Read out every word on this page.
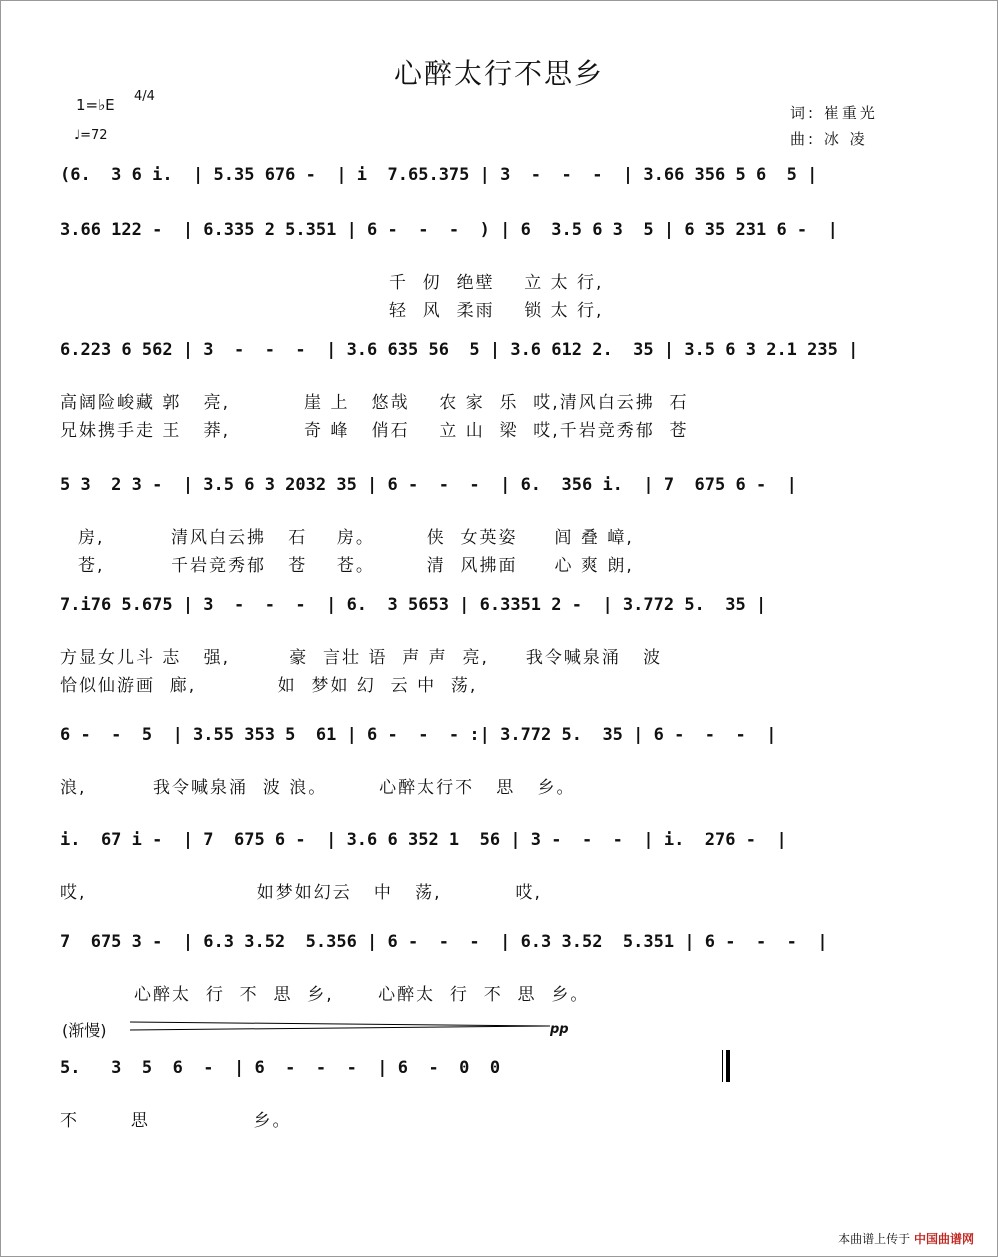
心醉太行不思乡
1=♭E 4/4
♩=72
词: 崔重光
曲: 冰 凌
(6.  3 6 i.  | 5.35 676 -  | i  7.65.375 | 3  -  -  -  | 3.66 356 5 6  5 |
3.66 122 -  | 6.335 2 5.351 | 6 -  -  -  ) | 6  3.5 6 3  5 | 6 35 231 6 -  |
千  仞  绝壁    立 太 行,
轻  风  柔雨    锁 太 行,
6.223 6 562 | 3  -  -  -  | 3.6 635 56  5 | 3.6 612 2.  35 | 3.5 6 3 2.1 235 |
高阔险峻藏 郭   亮,          崖 上   悠哉    农 家  乐  哎,清风白云拂  石
兄妹携手走 王   莽,          奇 峰   俏石    立 山  梁  哎,千岩竞秀郁  苍
5 3  2 3 -  | 3.5 6 3 2032 35 | 6 -  -  -  | 6.  356 i.  | 7  675 6 -  |
房,         清风白云拂   石    房。       侠  女英姿     闾 叠 嶂,
苍,         千岩竞秀郁   苍    苍。       清  风拂面     心 爽 朗,
7.i76 5.675 | 3  -  -  -  | 6.  3 5653 | 6.3351 2 -  | 3.772 5.  35 |
方显女儿斗 志   强,        豪  言壮 语  声 声  亮,     我令喊泉涌   波
恰似仙游画  廊,           如  梦如 幻  云 中  荡,
6 -  -  5  | 3.55 353 5  61 | 6 -  -  - :| 3.772 5.  35 | 6 -  -  -  |
浪,         我令喊泉涌  波 浪。       心醉太行不   思   乡。
i.  67 i -  | 7  675 6 -  | 3.6 6 352 1  56 | 3 -  -  -  | i.  276 -  |
哎,                       如梦如幻云   中   荡,          哎,
7  675 3 -  | 6.3 3.52  5.356 | 6 -  -  -  | 6.3 3.52  5.351 | 6 -  -  -  |
心醉太  行  不  思  乡,      心醉太  行  不  思  乡。
(渐慢)	pp
5.   3  5  6  -  | 6  -  -  -  | 6  -  0  0
不       思              乡。
本曲谱上传于 中国曲谱网
